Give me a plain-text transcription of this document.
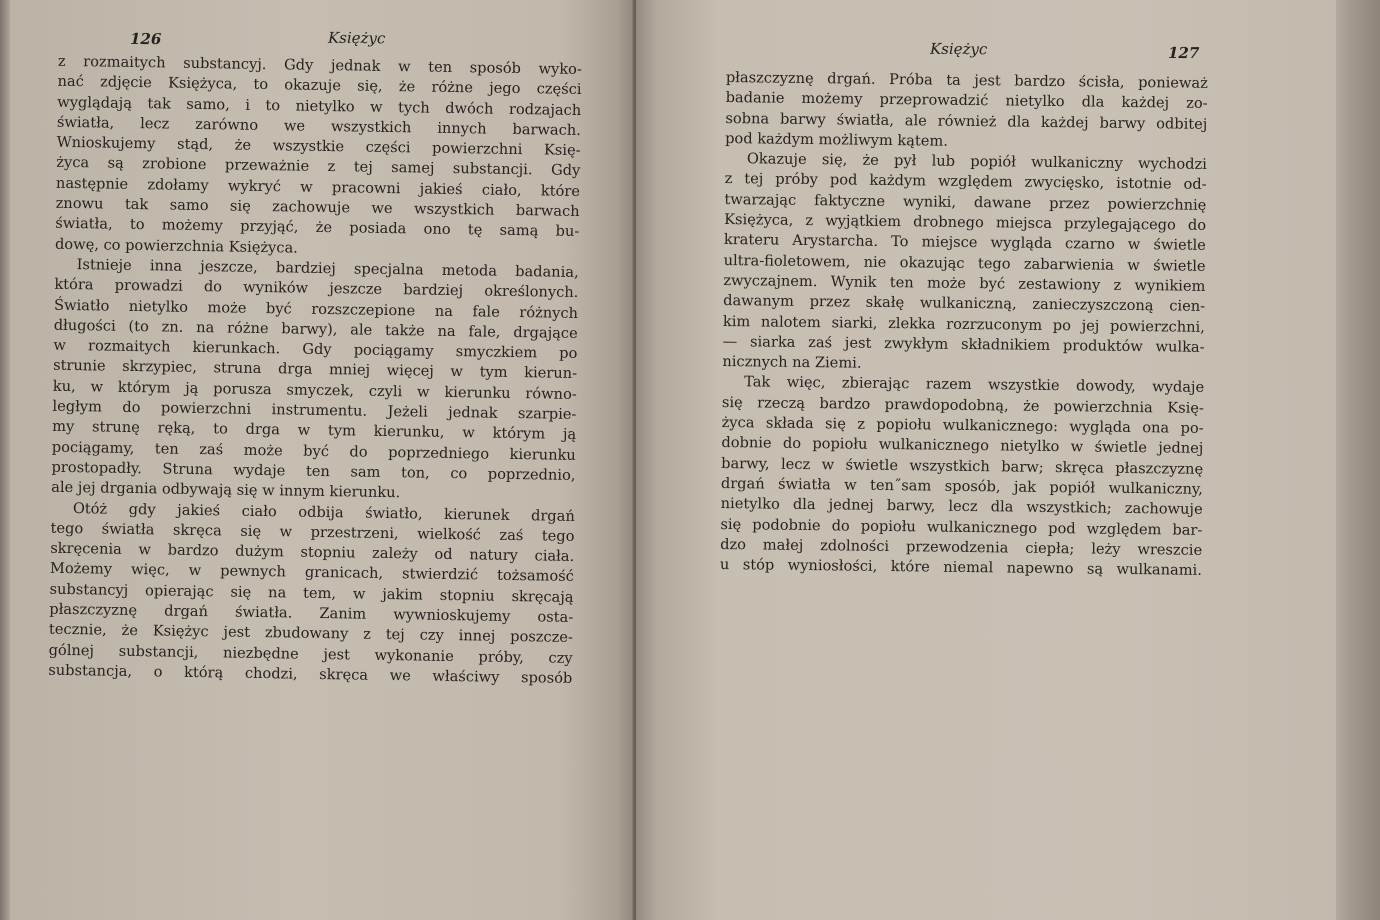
126	Księżyc
z rozmaitych substancyj. Gdy jednak w ten sposób wyko-
nać zdjęcie Księżyca, to okazuje się, że różne jego części
wyglądają tak samo, i to nietylko w tych dwóch rodzajach
światła, lecz zarówno we wszystkich innych barwach.
Wnioskujemy stąd, że wszystkie części powierzchni Księ-
życa są zrobione przeważnie z tej samej substancji. Gdy
następnie zdołamy wykryć w pracowni jakieś ciało, które
znowu tak samo się zachowuje we wszystkich barwach
światła, to możemy przyjąć, że posiada ono tę samą bu-
dowę, co powierzchnia Księżyca.
Istnieje inna jeszcze, bardziej specjalna metoda badania,
która prowadzi do wyników jeszcze bardziej określonych.
Światło nietylko może być rozszczepione na fale różnych
długości (to zn. na różne barwy), ale także na fale, drgające
w rozmaitych kierunkach. Gdy pociągamy smyczkiem po
strunie skrzypiec, struna drga mniej więcej w tym kierun-
ku, w którym ją porusza smyczek, czyli w kierunku równo-
ległym do powierzchni instrumentu. Jeżeli jednak szarpie-
my strunę ręką, to drga w tym kierunku, w którym ją
pociągamy, ten zaś może być do poprzedniego kierunku
prostopadły. Struna wydaje ten sam ton, co poprzednio,
ale jej drgania odbywają się w innym kierunku.
Otóż gdy jakieś ciało odbija światło, kierunek drgań
tego światła skręca się w przestrzeni, wielkość zaś tego
skręcenia w bardzo dużym stopniu zależy od natury ciała.
Możemy więc, w pewnych granicach, stwierdzić tożsamość
substancyj opierając się na tem, w jakim stopniu skręcają
płaszczyznę drgań światła. Zanim wywnioskujemy osta-
tecznie, że Księżyc jest zbudowany z tej czy innej poszcze-
gólnej substancji, niezbędne jest wykonanie próby, czy
substancja, o którą chodzi, skręca we właściwy sposób
Księżyc	127
płaszczyznę drgań. Próba ta jest bardzo ścisła, ponieważ
badanie możemy przeprowadzić nietylko dla każdej zo-
sobna barwy światła, ale również dla każdej barwy odbitej
pod każdym możliwym kątem.
Okazuje się, że pył lub popiół wulkaniczny wychodzi
z tej próby pod każdym względem zwycięsko, istotnie od-
twarzając faktyczne wyniki, dawane przez powierzchnię
Księżyca, z wyjątkiem drobnego miejsca przylegającego do
krateru Arystarcha. To miejsce wygląda czarno w świetle
ultra-fioletowem, nie okazując tego zabarwienia w świetle
zwyczajnem. Wynik ten może być zestawiony z wynikiem
dawanym przez skałę wulkaniczną, zanieczyszczoną cien-
kim nalotem siarki, zlekka rozrzuconym po jej powierzchni,
— siarka zaś jest zwykłym składnikiem produktów wulka-
nicznych na Ziemi.
Tak więc, zbierając razem wszystkie dowody, wydaje
się rzeczą bardzo prawdopodobną, że powierzchnia Księ-
życa składa się z popiołu wulkanicznego: wygląda ona po-
dobnie do popiołu wulkanicznego nietylko w świetle jednej
barwy, lecz w świetle wszystkich barw; skręca płaszczyznę
drgań światła w ten˝sam sposób, jak popiół wulkaniczny,
nietylko dla jednej barwy, lecz dla wszystkich; zachowuje
się podobnie do popiołu wulkanicznego pod względem bar-
dzo małej zdolności przewodzenia ciepła; leży wreszcie
u stóp wyniosłości, które niemal napewno są wulkanami.
